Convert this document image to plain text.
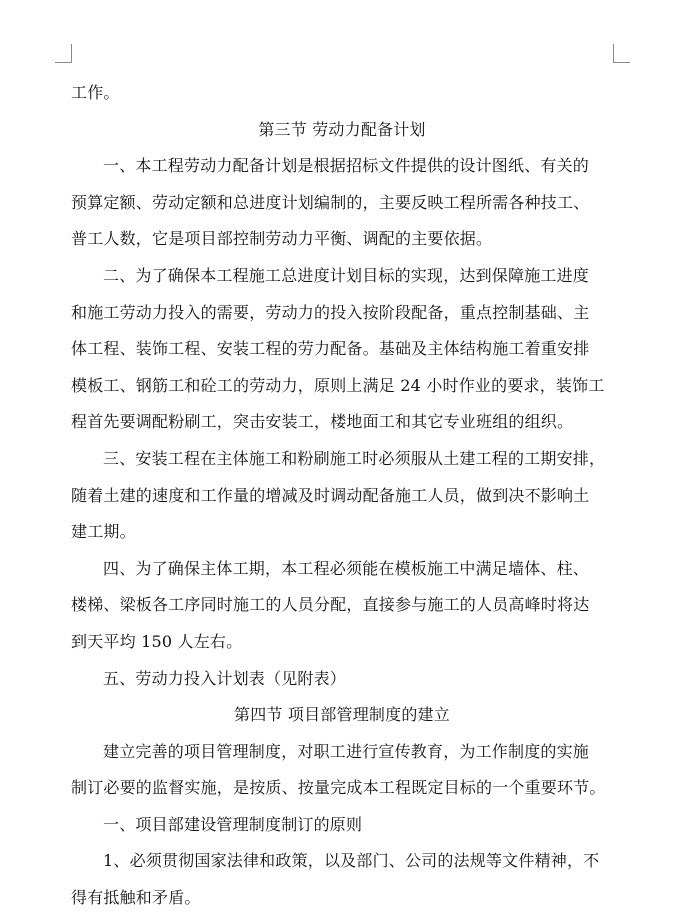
工作。

第三节 劳动力配备计划

一、本工程劳动力配备计划是根据招标文件提供的设计图纸、有关的

预算定额、劳动定额和总进度计划编制的，主要反映工程所需各种技工、

普工人数，它是项目部控制劳动力平衡、调配的主要依据。

二、为了确保本工程施工总进度计划目标的实现，达到保障施工进度

和施工劳动力投入的需要，劳动力的投入按阶段配备，重点控制基础、主

体工程、装饰工程、安装工程的劳力配备。基础及主体结构施工着重安排

模板工、钢筋工和砼工的劳动力，原则上满足 24 小时作业的要求，装饰工

程首先要调配粉刷工，突击安装工，楼地面工和其它专业班组的组织。

三、安装工程在主体施工和粉刷施工时必须服从土建工程的工期安排，

随着土建的速度和工作量的增减及时调动配备施工人员，做到决不影响土

建工期。

四、为了确保主体工期，本工程必须能在模板施工中满足墙体、柱、

楼梯、梁板各工序同时施工的人员分配，直接参与施工的人员高峰时将达

到天平均 150 人左右。

五、劳动力投入计划表（见附表）

第四节 项目部管理制度的建立

建立完善的项目管理制度，对职工进行宣传教育，为工作制度的实施

制订必要的监督实施，是按质、按量完成本工程既定目标的一个重要环节。

一、项目部建设管理制度制订的原则

1、必须贯彻国家法律和政策，以及部门、公司的法规等文件精神，不

得有抵触和矛盾。
